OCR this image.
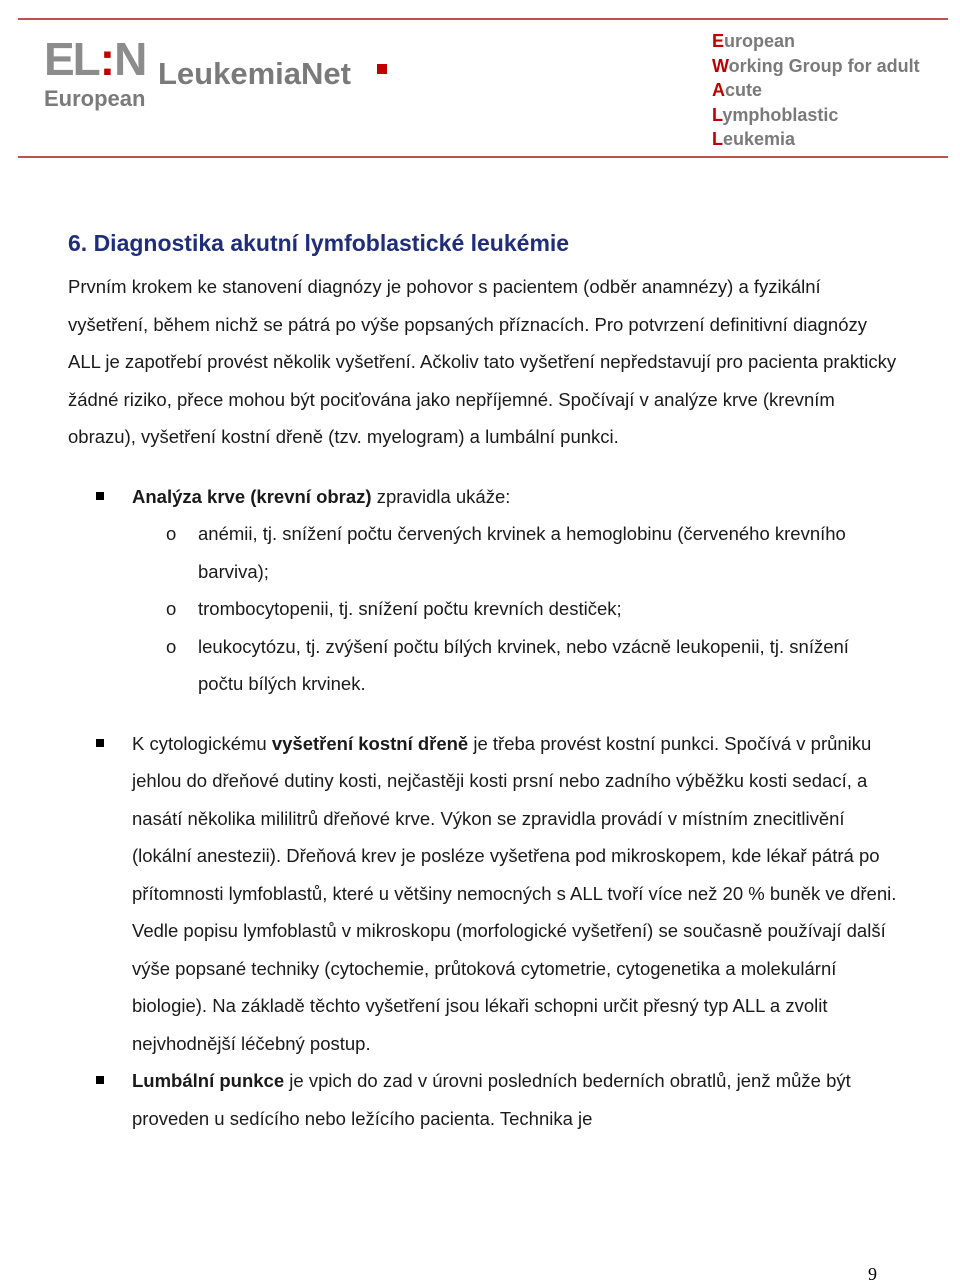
EL:N
European
LeukemiaNet
European
Working Group for adult
Acute
Lymphoblastic
Leukemia
6. Diagnostika akutní lymfoblastické leukémie

Prvním krokem ke stanovení diagnózy je pohovor s pacientem (odběr anamnézy) a fyzikální vyšetření, během nichž se pátrá po výše popsaných příznacích. Pro potvrzení definitivní diagnózy ALL je zapotřebí provést několik vyšetření. Ačkoliv tato vyšetření nepředstavují pro pacienta prakticky žádné riziko, přece mohou být pociťována jako nepříjemné. Spočívají v analýze krve (krevním obrazu), vyšetření kostní dřeně (tzv. myelogram) a lumbální punkci.

Analýza krve (krevní obraz) zpravidla ukáže:
o anémii, tj. snížení počtu červených krvinek a hemoglobinu (červeného krevního barviva);
o trombocytopenii, tj. snížení počtu krevních destiček;
o leukocytózu, tj. zvýšení počtu bílých krvinek, nebo vzácně leukopenii, tj. snížení počtu bílých krvinek.
K cytologickému vyšetření kostní dřeně je třeba provést kostní punkci. Spočívá v průniku jehlou do dřeňové dutiny kosti, nejčastěji kosti prsní nebo zadního výběžku kosti sedací, a nasátí několika mililitrů dřeňové krve. Výkon se zpravidla provádí v místním znecitlivění (lokální anestezii). Dřeňová krev je posléze vyšetřena pod mikroskopem, kde lékař pátrá po přítomnosti lymfoblastů, které u většiny nemocných s ALL tvoří více než 20 % buněk ve dřeni. Vedle popisu lymfoblastů v mikroskopu (morfologické vyšetření) se současně používají další výše popsané techniky (cytochemie, průtoková cytometrie, cytogenetika a molekulární biologie). Na základě těchto vyšetření jsou lékaři schopni určit přesný typ ALL a zvolit nejvhodnější léčebný postup.
Lumbální punkce je vpich do zad v úrovni posledních bederních obratlů, jenž může být proveden u sedícího nebo ležícího pacienta. Technika je
9
